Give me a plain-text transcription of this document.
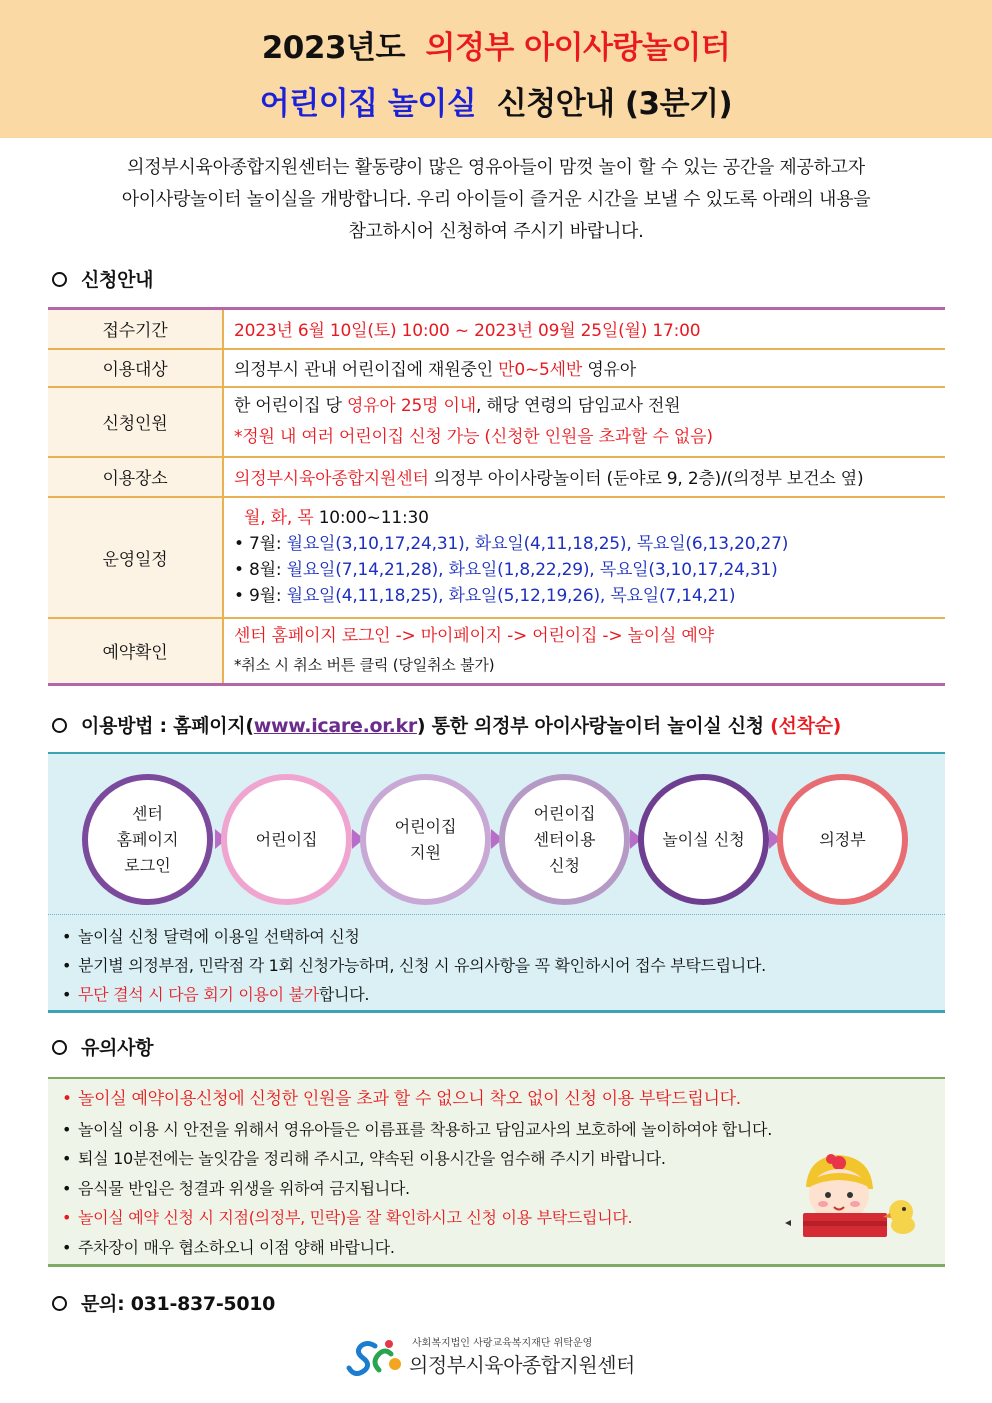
2023년도 의정부 아이사랑놀이터
어린이집 놀이실 신청안내 (3분기)
의정부시육아종합지원센터는 활동량이 많은 영유아들이 맘껏 놀이 할 수 있는 공간을 제공하고자
아이사랑놀이터 놀이실을 개방합니다. 우리 아이들이 즐거운 시간을 보낼 수 있도록 아래의 내용을
참고하시어 신청하여 주시기 바랍니다.
신청안내
접수기간	2023년 6월 10일(토) 10:00 ~ 2023년 09월 25일(월) 17:00
이용대상	의정부시 관내 어린이집에 재원중인 만0~5세반 영유아
신청인원	한 어린이집 당 영유아 25명 이내, 해당 연령의 담임교사 전원
*정원 내 여러 어린이집 신청 가능 (신청한 인원을 초과할 수 없음)

이용장소	의정부시육아종합지원센터 의정부 아이사랑놀이터 (둔야로 9, 2층)/(의정부 보건소 옆)
운영일정	월, 화, 목 10:00~11:30
• 7월: 월요일(3,10,17,24,31), 화요일(4,11,18,25), 목요일(6,13,20,27)
• 8월: 월요일(7,14,21,28), 화요일(1,8,22,29), 목요일(3,10,17,24,31)
• 9월: 월요일(4,11,18,25), 화요일(5,12,19,26), 목요일(7,14,21)

예약확인	센터 홈페이지 로그인 -> 마이페이지 -> 어린이집 -> 놀이실 예약
*취소 시 취소 버튼 클릭 (당일취소 불가)
이용방법 : 홈페이지(www.icare.or.kr) 통한 의정부 아이사랑놀이터 놀이실 신청 (선착순)
센터
홈페이지
로그인
어린이집
어린이집
지원
어린이집
센터이용
신청
놀이실 신청	의정부
• 놀이실 신청 달력에 이용일 선택하여 신청
• 분기별 의정부점, 민락점 각 1회 신청가능하며, 신청 시 유의사항을 꼭 확인하시어 접수 부탁드립니다.
• 무단 결석 시 다음 회기 이용이 불가합니다.
유의사항
• 놀이실 예약이용신청에 신청한 인원을 초과 할 수 없으니 착오 없이 신청 이용 부탁드립니다.
• 놀이실 이용 시 안전을 위해서 영유아들은 이름표를 착용하고 담임교사의 보호하에 놀이하여야 합니다.
• 퇴실 10분전에는 놀잇감을 정리해 주시고, 약속된 이용시간을 엄수해 주시기 바랍니다.
• 음식물 반입은 청결과 위생을 위하여 금지됩니다.
• 놀이실 예약 신청 시 지점(의정부, 민락)을 잘 확인하시고 신청 이용 부탁드립니다.
• 주차장이 매우 협소하오니 이점 양해 바랍니다.
문의: 031-837-5010
사회복지법인 사랑교육복지재단 위탁운영
의정부시육아종합지원센터
